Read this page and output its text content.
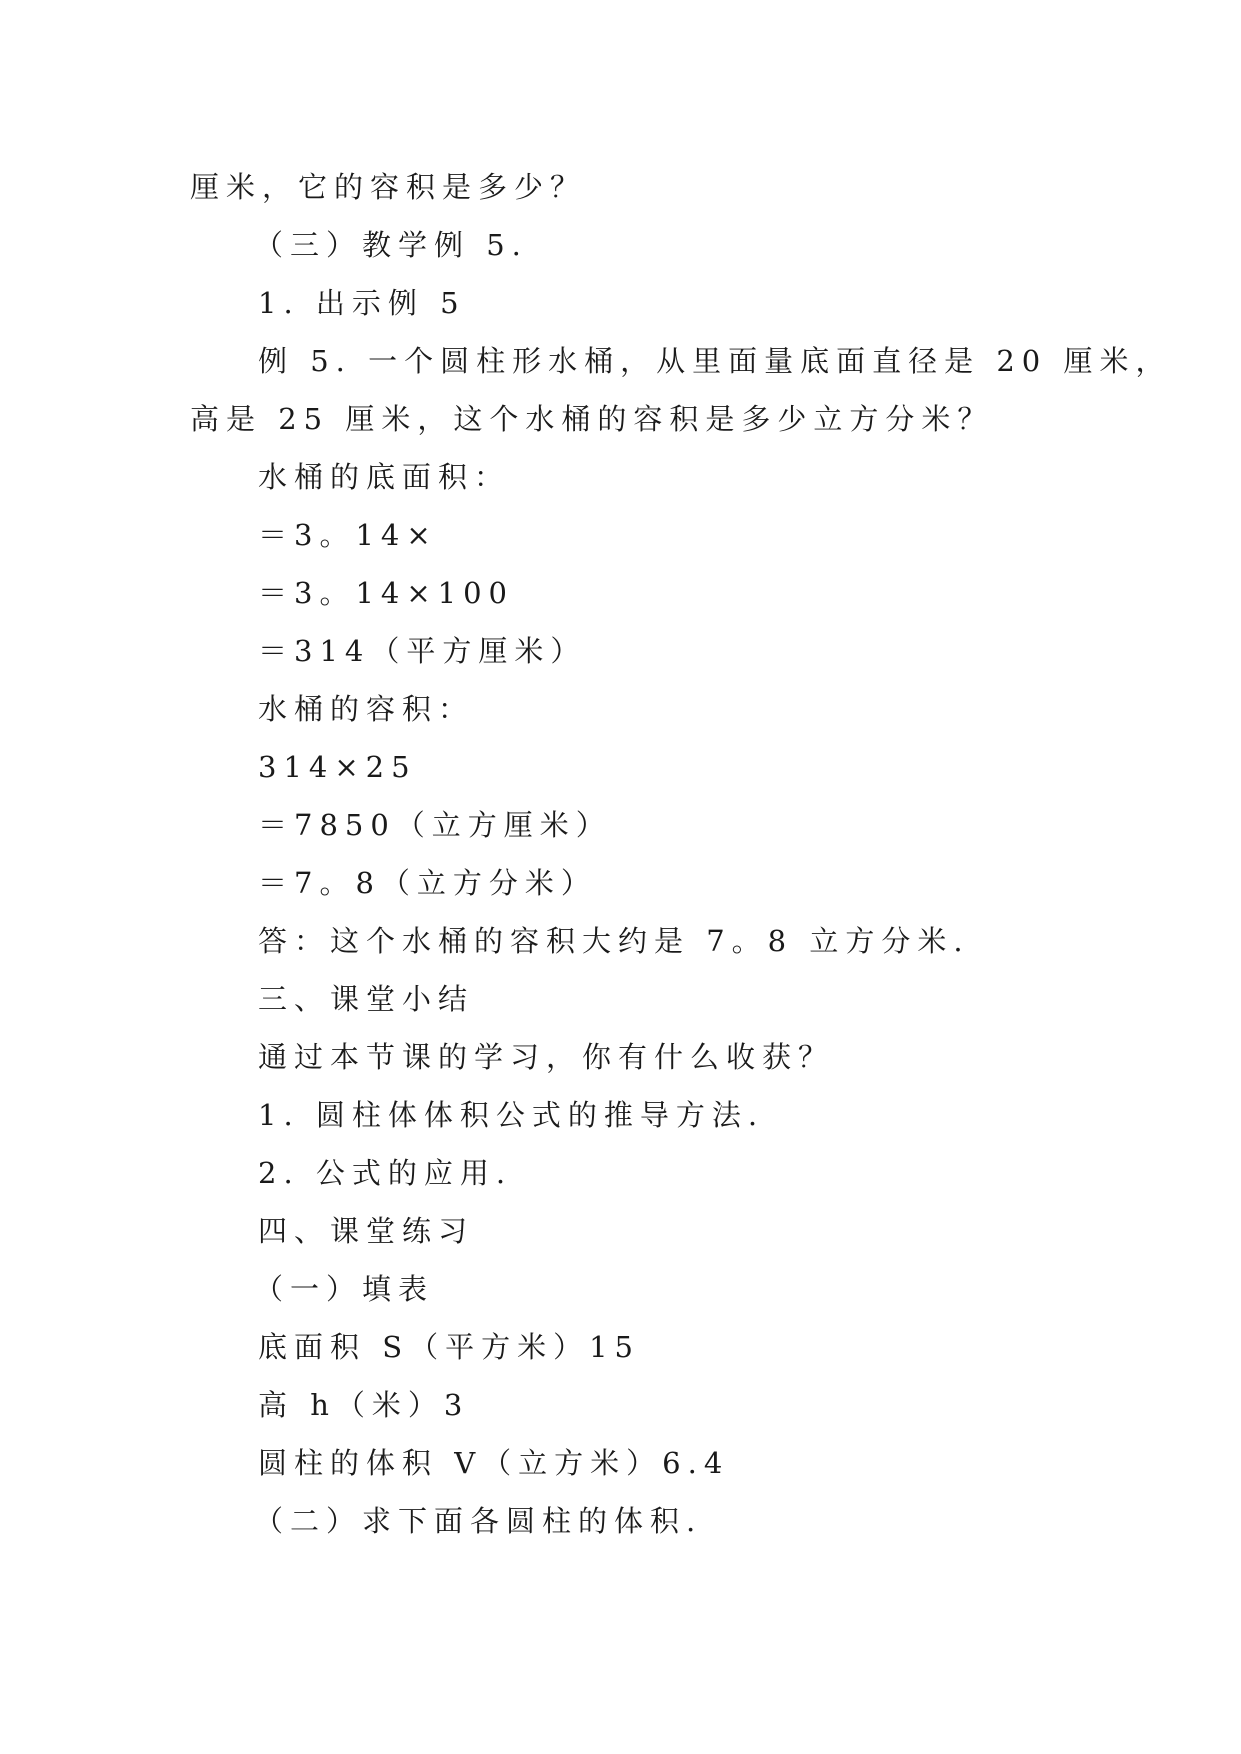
厘米，它的容积是多少？
（三）教学例 5.
1. 出示例 5
例 5. 一个圆柱形水桶，从里面量底面直径是 20 厘米，
高是 25 厘米，这个水桶的容积是多少立方分米？
水桶的底面积：
＝3。14×
＝3。14×100
＝314（平方厘米）
水桶的容积：
314×25
＝7850（立方厘米）
＝7。8（立方分米）
答：这个水桶的容积大约是 7。8 立方分米.
三、课堂小结
通过本节课的学习，你有什么收获？
1. 圆柱体体积公式的推导方法.
2. 公式的应用.
四、课堂练习
（一）填表
底面积 S（平方米）15
高 h（米）3
圆柱的体积 V（立方米）6.4
（二）求下面各圆柱的体积.
